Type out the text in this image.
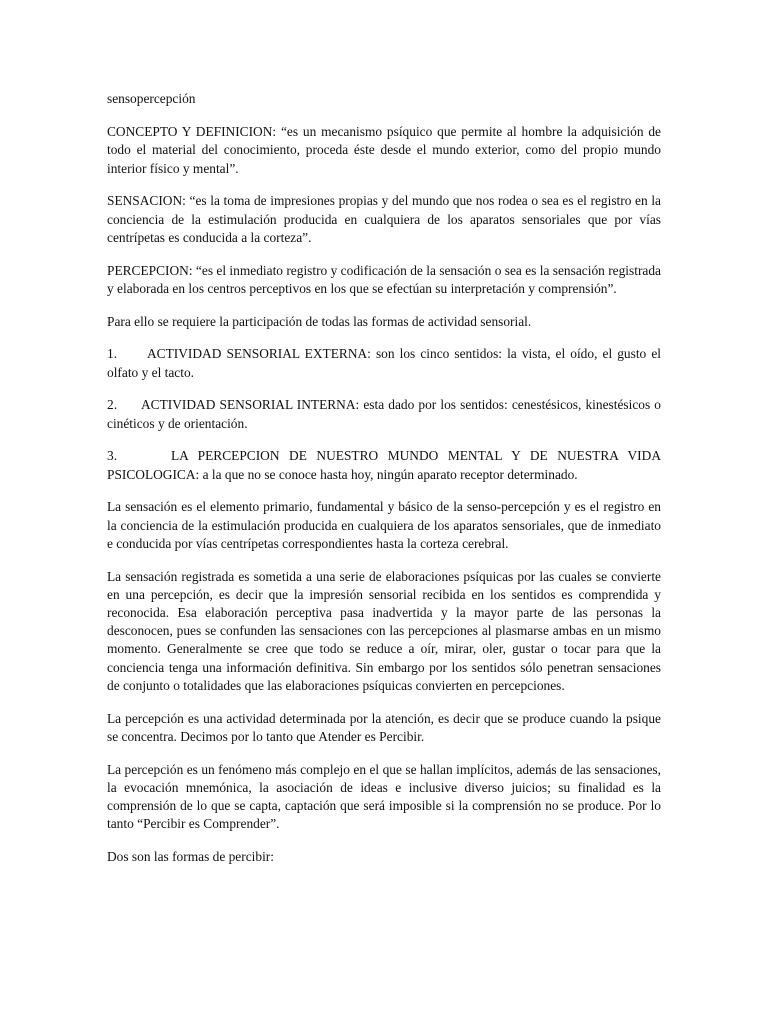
sensopercepción

CONCEPTO Y DEFINICION: “es un mecanismo psíquico que permite al hombre la adquisición de todo el material del conocimiento, proceda éste desde el mundo exterior, como del propio mundo interior físico y mental”.

SENSACION: “es la toma de impresiones propias y del mundo que nos rodea o sea es el registro en la conciencia de la estimulación producida en cualquiera de los aparatos sensoriales que por vías centrípetas es conducida a la corteza”.

PERCEPCION: “es el inmediato registro y codificación de la sensación o sea es la sensación registrada y elaborada en los centros perceptivos en los que se efectúan su interpretación y comprensión”.

Para ello se requiere la participación de todas las formas de actividad sensorial.

1. ACTIVIDAD SENSORIAL EXTERNA: son los cinco sentidos: la vista, el oído, el gusto el olfato y el tacto.

2. ACTIVIDAD SENSORIAL INTERNA: esta dado por los sentidos: cenestésicos, kinestésicos o cinéticos y de orientación.

3.	LA PERCEPCION DE NUESTRO MUNDO MENTAL Y DE NUESTRA VIDA PSICOLOGICA: a la que no se conoce hasta hoy, ningún aparato receptor determinado.

La sensación es el elemento primario, fundamental y básico de la senso-percepción y es el registro en la conciencia de la estimulación producida en cualquiera de los aparatos sensoriales, que de inmediato e conducida por vías centrípetas correspondientes hasta la corteza cerebral.

La sensación registrada es sometida a una serie de elaboraciones psíquicas por las cuales se convierte en una percepción, es decir que la impresión sensorial recibida en los sentidos es comprendida y reconocida. Esa elaboración perceptiva pasa inadvertida y la mayor parte de las personas la desconocen, pues se confunden las sensaciones con las percepciones al plasmarse ambas en un mismo momento. Generalmente se cree que todo se reduce a oír, mirar, oler, gustar o tocar para que la conciencia tenga una información definitiva. Sin embargo por los sentidos sólo penetran sensaciones de conjunto o totalidades que las elaboraciones psíquicas convierten en percepciones.

La percepción es una actividad determinada por la atención, es decir que se produce cuando la psique se concentra. Decimos por lo tanto que Atender es Percibir.

La percepción es un fenómeno más complejo en el que se hallan implícitos, además de las sensaciones, la evocación mnemónica, la asociación de ideas e inclusive diverso juicios; su finalidad es la comprensión de lo que se capta, captación que será imposible si la comprensión no se produce. Por lo tanto “Percibir es Comprender”.

Dos son las formas de percibir:
